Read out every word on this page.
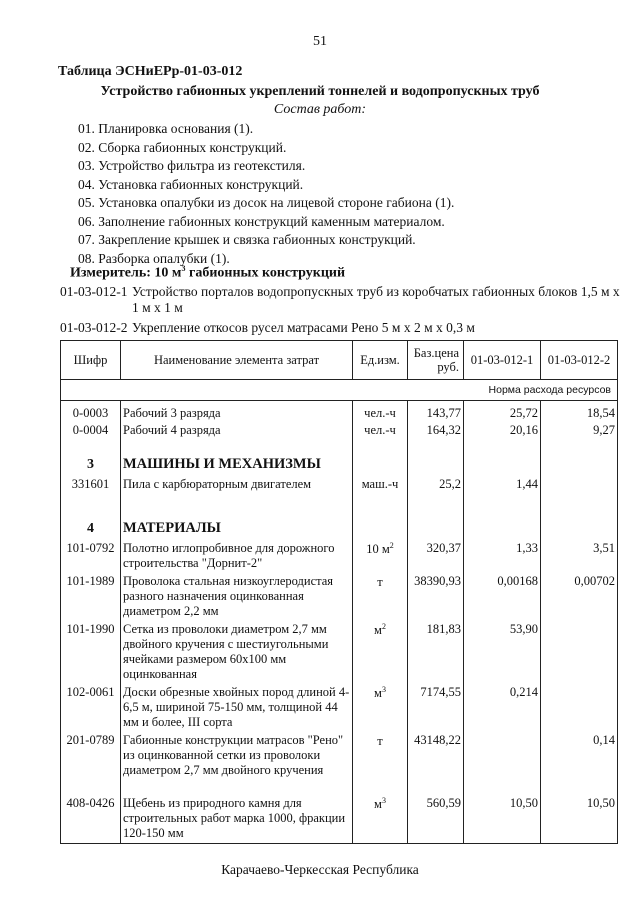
51
Таблица ЭСНиЕРр-01-03-012
Устройство габионных укреплений тоннелей и водопропускных труб
Состав работ:
01. Планировка основания (1).
02. Сборка габионных конструкций.
03. Устройство фильтра из геотекстиля.
04. Установка габионных конструкций.
05. Установка опалубки из досок на лицевой стороне габиона (1).
06. Заполнение габионных конструкций каменным материалом.
07. Закрепление крышек и связка габионных конструкций.
08. Разборка опалубки (1).
Измеритель: 10 $м^3$ габионных конструкций
01-03-012-1 Устройство порталов водопропускных труб из коробчатых габионных блоков 1,5 м х 1 м х 1 м
01-03-012-2 Укрепление откосов русел матрасами Рено 5 м х 2 м х 0,3 м
Шифр	Наименование элемента затрат	Ед.изм.	Баз.цена руб.	01-03-012-1	01-03-012-2
Норма расхода ресурсов					
0-0003	Рабочий 3 разряда	чел.-ч	143,77	25,72	18,54
0-0004	Рабочий 4 разряда	чел.-ч	164,32	20,16	9,27
3	МАШИНЫ И МЕХАНИЗМЫ				
331601	Пила с карбюраторным двигателем	маш.-ч	25,2	1,44	
4	МАТЕРИАЛЫ				
101-0792	Полотно иглопробивное для дорожного строительства "Дорнит-2"	10 $м^2$	320,37	1,33	3,51
101-1989	Проволока стальная низкоуглеродистая разного назначения оцинкованная диаметром 2,2 мм	т	38390,93	0,00168	0,00702
101-1990	Сетка из проволоки диаметром 2,7 мм двойного кручения с шестиугольными ячейками размером 60х100 мм оцинкованная	$м^2$	181,83	53,90	
102-0061	Доски обрезные хвойных пород длиной 4-6,5 м, шириной 75-150 мм, толщиной 44 мм и более, III сорта	$м^3$	7174,55	0,214	
201-0789	Габионные конструкции матрасов "Рено" из оцинкованной сетки из проволоки диаметром 2,7 мм двойного кручения	т	43148,22		0,14
408-0426	Щебень из природного камня для строительных работ марка 1000, фракции 120-150 мм	$м^3$	560,59	10,50	10,50
Карачаево-Черкесская Республика
